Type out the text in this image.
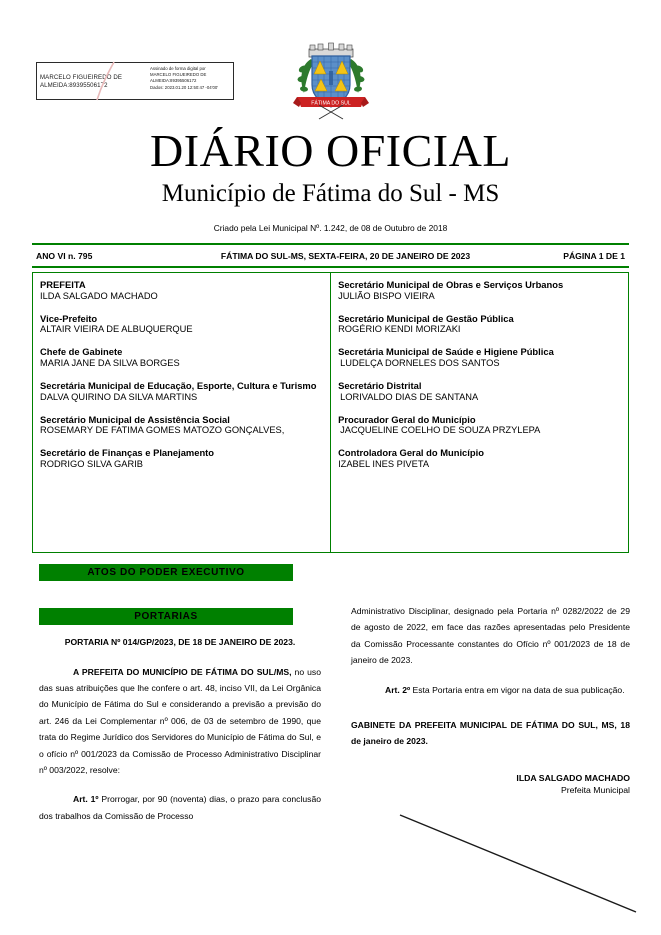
MARCELO FIGUEIREDO DE
ALMEIDA:89395506172
Assinado de forma digital por
MARCELO FIGUEIREDO DE
ALMEIDA:89395506172
Dados: 2023.01.20 12:50:47 -04'00'
FÁTIMA DO SUL
DIÁRIO OFICIAL
Município de Fátima do Sul - MS
Criado pela Lei Municipal Nº. 1.242, de 08 de Outubro de 2018
ANO VI n. 795	FÁTIMA DO SUL-MS, SEXTA-FEIRA, 20 DE JANEIRO DE 2023	PÁGINA 1 DE 1
PREFEITA
ILDA SALGADO MACHADO
Vice-Prefeito
ALTAIR VIEIRA DE ALBUQUERQUE
Chefe de Gabinete
MARIA JANE DA SILVA BORGES
Secretária Municipal de Educação, Esporte, Cultura e Turismo
DALVA QUIRINO DA SILVA MARTINS
Secretário Municipal de Assistência Social
ROSEMARY DE FATIMA GOMES MATOZO GONÇALVES,
Secretário de Finanças e Planejamento
RODRIGO SILVA GARIB
Secretário Municipal de Obras e Serviços Urbanos
JULIÃO BISPO VIEIRA
Secretário Municipal de Gestão Pública
ROGÉRIO KENDI MORIZAKI
Secretária Municipal de Saúde e Higiene Pública
LUDELÇA DORNELES DOS SANTOS
Secretário Distrital
LORIVALDO DIAS DE SANTANA
Procurador Geral do Município
JACQUELINE COELHO DE SOUZA PRZYLEPA
Controladora Geral do Município
IZABEL INES PIVETA
ATOS DO PODER EXECUTIVO
PORTARIAS
PORTARIA Nº 014/GP/2023, DE 18 DE JANEIRO DE 2023.
A PREFEITA DO MUNICÍPIO DE FÁTIMA DO SUL/MS, no uso das suas atribuições que lhe confere o art. 48, inciso VII, da Lei Orgânica do Município de Fátima do Sul e considerando a previsão a previsão do art. 246 da Lei Complementar nº 006, de 03 de setembro de 1990, que trata do Regime Jurídico dos Servidores do Município de Fátima do Sul, e o ofício nº 001/2023 da Comissão de Processo Administrativo Disciplinar nº 003/2022, resolve:
Art. 1º Prorrogar, por 90 (noventa) dias, o prazo para conclusão dos trabalhos da Comissão de Processo
Administrativo Disciplinar, designado pela Portaria nº 0282/2022 de 29 de agosto de 2022, em face das razões apresentadas pelo Presidente da Comissão Processante constantes do Ofício nº 001/2023 de 18 de janeiro de 2023.
Art. 2º Esta Portaria entra em vigor na data de sua publicação.
GABINETE DA PREFEITA MUNICIPAL DE FÁTIMA DO SUL, MS, 18 de janeiro de 2023.
ILDA SALGADO MACHADO
Prefeita Municipal
